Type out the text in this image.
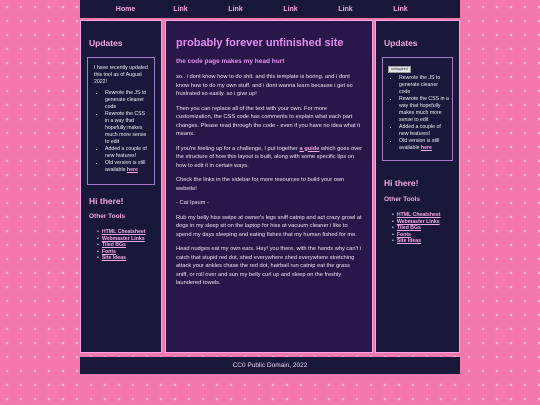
Home	Link	Link	Link	Link	Link
Updates
I have recently updated this tool as of August 2022!
• Rewrote the JS to generate cleaner code
• Rewrote the CSS in a way that hopefully makes much more sense to edit
• Added a couple of new features!
• Old version is still available here
Hi there!
Other Tools
• HTML Cheatsheet
• Webmaster Links
• Tiled BGs
• Fonts
• Site Ideas
probably forever unfinished site
the code page makes my head hurt

so.. i dont know how to do shit. and this template is boring. and i dont know how to do my own stuff. and i dont wanna learn because i get so frustrated so easily. so i give up!

Then you can replace all of the text with your own. For more customization, the CSS code has comments to explain what each part changes. Please read through the code - even if you have no idea what it means.

If you're feeling up for a challenge, I put together a guide which goes over the structure of how this layout is built, along with some specific tips on how to edit it in certain ways.

Check the links in the sidebar for more resources to build your own website!

- Cat Ipsum -

Rub my belly hiss swipe at owner's legs sniff catnip and act crazy growl at dogs in my sleep sit on the laptop for hiss at vacuum cleaner i like to spend my days sleeping and eating fishes that my human fished for me.

Head nudges eat my own ears. Hey! you there, with the hands why can't i catch that stupid red dot, shed everywhere shed everywhere stretching attack your ankles chase the red dot, hairball run catnip eat the grass sniff, or roll over and sun my belly curl up and sleep on the freshly laundered towels.

Updates
uninspired
• Rewrote the JS to generate cleaner code
• Rewrote the CSS in a way that hopefully makes much more sense to edit
• Added a couple of new features!
• Old version is still available here
Hi there!
Other Tools
• HTML Cheatsheet
• Webmaster Links
• Tiled BGs
• Fonts
• Site Ideas
CC0 Public Domain, 2022
